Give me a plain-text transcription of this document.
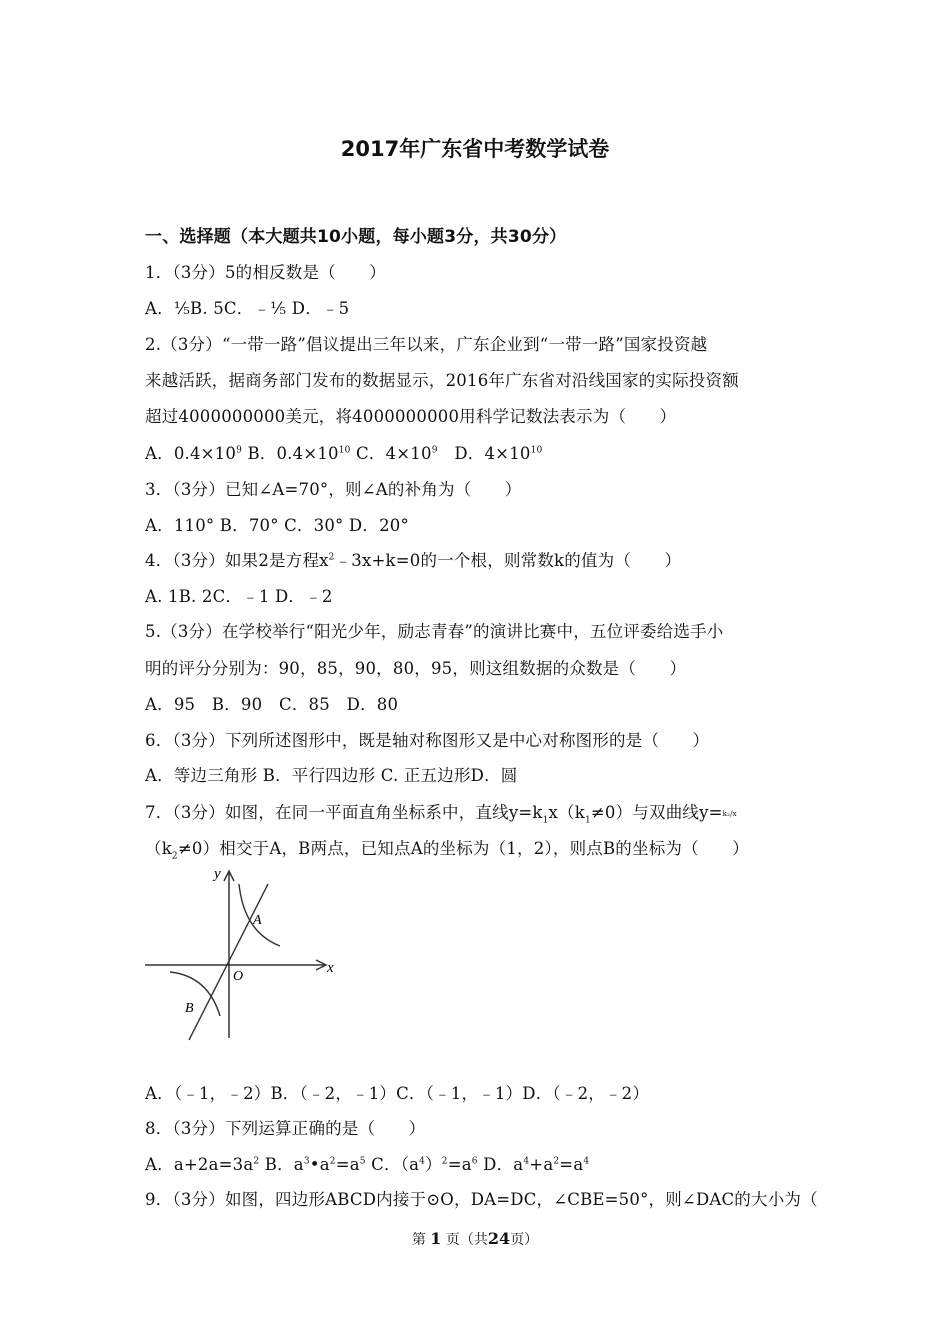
2017年广东省中考数学试卷
一、选择题（本大题共10小题，每小题3分，共30分）
1．（3分）5的相反数是（　　）
A．⅕B. 5C．﹣⅕ D．﹣5
2.（3分）“一带一路”倡议提出三年以来，广东企业到“一带一路”国家投资越
来越活跃，据商务部门发布的数据显示，2016年广东省对沿线国家的实际投资额
超过4000000000美元，将4000000000用科学记数法表示为（　　）
A．$0.4\times 10^9$ B．$0.4\times 10^{10}$ C．$4\times 10^9$　D．$4\times 10^{10}$
3．（3分）已知∠A=70°，则∠A的补角为（　　）
A．110° B．70° C．30° D．20°
4．（3分）如果2是方程$x^2﹣3x+k=0$的一个根，则常数k的值为（　　）
A. 1B. 2C．﹣1 D．﹣2
5.（3分）在学校举行“阳光少年，励志青春”的演讲比赛中，五位评委给选手小
明的评分分别为：90，85，90，80，95，则这组数据的众数是（　　）
A．95　B．90　C．85　D．80
6．（3分）下列所述图形中，既是轴对称图形又是中心对称图形的是（　　）
A．等边三角形 B．平行四边形 C. 正五边形D．圆
7．（3分）如图，在同一平面直角坐标系中，直线$y=k_1x(k_1\ne 0)$与双曲线y=k₂/x
$(k_2\ne 0)$相交于A，B两点，已知点A的坐标为（1，2），则点B的坐标为（　　）
x
y
O
A
B
A．（﹣1，﹣2）B．（﹣2，﹣1）C．（﹣1，﹣1）D．（﹣2，﹣2）
8．（3分）下列运算正确的是（　　）
A．$a+2a=3a^2$ B．$a^3•a^2=a^5$ C．$(a^4)^2=a^6$ D．$a^4+a^2=a^4$
9．（3分）如图，四边形ABCD内接于⊙O，DA=DC，∠CBE=50°，则∠DAC的大小为（
第 1 页（共24页）
